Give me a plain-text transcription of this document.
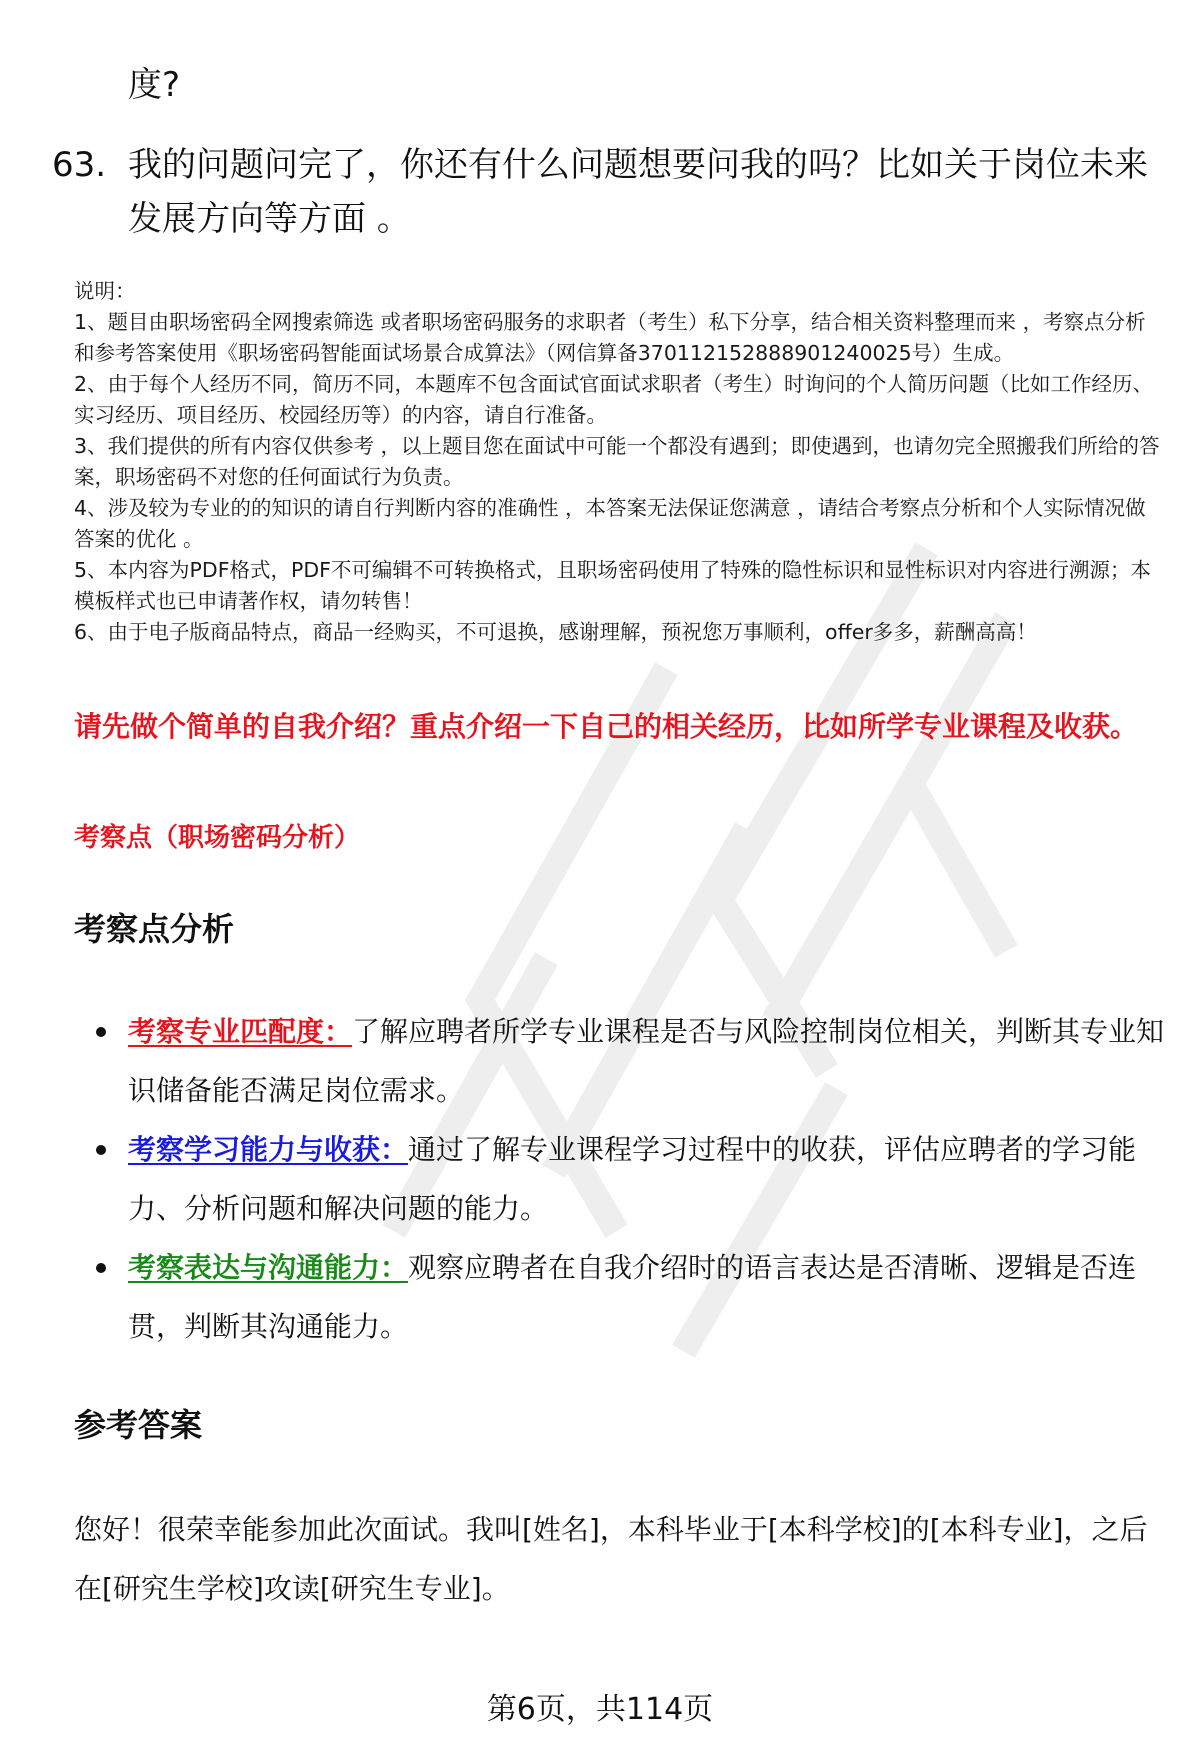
度?
63. 我的问题问完了，你还有什么问题想要问我的吗？比如关于岗位未来发展方向等方面 。

说明：

1、题目由职场密码全网搜索筛选 或者职场密码服务的求职者（考生）私下分享，结合相关资料整理而来 ，考察点分析和参考答案使用《职场密码智能面试场景合成算法》（网信算备370112152888901240025号）生成。

2、由于每个人经历不同，简历不同，本题库不包含面试官面试求职者（考生）时询问的个人简历问题（比如工作经历、实习经历、项目经历、校园经历等）的内容，请自行准备。

3、我们提供的所有内容仅供参考 ，以上题目您在面试中可能一个都没有遇到；即使遇到，也请勿完全照搬我们所给的答案，职场密码不对您的任何面试行为负责。

4、涉及较为专业的的知识的请自行判断内容的准确性 ，本答案无法保证您满意 ，请结合考察点分析和个人实际情况做答案的优化 。

5、本内容为PDF格式，PDF不可编辑不可转换格式，且职场密码使用了特殊的隐性标识和显性标识对内容进行溯源；本模板样式也已申请著作权，请勿转售！

6、由于电子版商品特点，商品一经购买，不可退换，感谢理解，预祝您万事顺利，offer多多，薪酬高高！

请先做个简单的自我介绍？重点介绍一下自己的相关经历，比如所学专业课程及收获。
考察点（职场密码分析）
考察点分析
考察专业匹配度：了解应聘者所学专业课程是否与风险控制岗位相关，判断其专业知识储备能否满足岗位需求。
考察学习能力与收获：通过了解专业课程学习过程中的收获，评估应聘者的学习能力、分析问题和解决问题的能力。
考察表达与沟通能力：观察应聘者在自我介绍时的语言表达是否清晰、逻辑是否连贯，判断其沟通能力。
参考答案
您好！很荣幸能参加此次面试。我叫[姓名]，本科毕业于[本科学校]的[本科专业]，之后在[研究生学校]攻读[研究生专业]。
第6页，共114页
